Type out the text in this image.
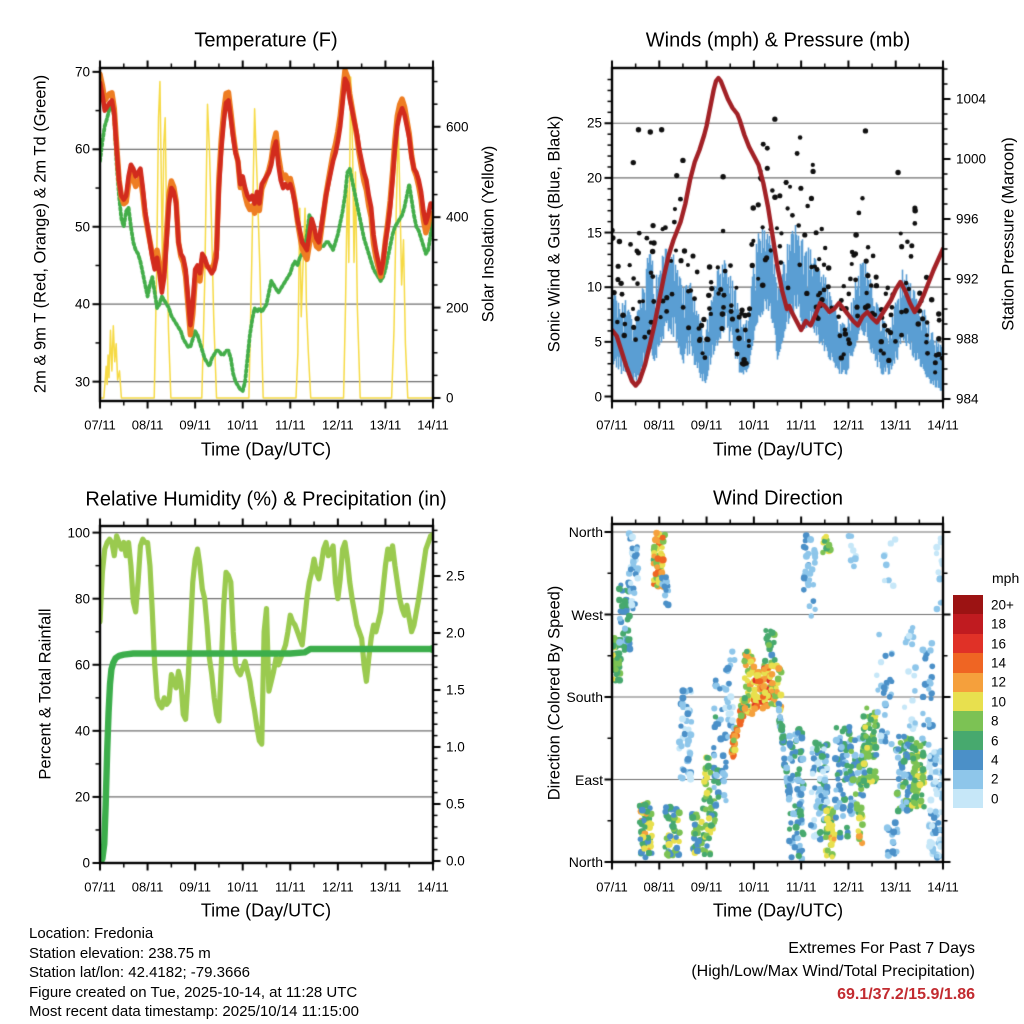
Temperature (F)	Winds (mph) & Pressure (mb)
Relative Humidity (%) & Precipitation (in)	Wind Direction
Time (Day/UTC)	Time (Day/UTC)
Time (Day/UTC)	Time (Day/UTC)
2m & 9m T (Red, Orange) & 2m Td (Green)	Solar Insolation (Yellow)	Sonic Wind & Gust (Blue, Black)	Station Pressure (Maroon)
Percent & Total Rainfall	Direction (Colored By Speed)	20+
18
16
14
12
10
8
6
4
2
0
mph
07/11 08/11 09/11 10/11 11/11 12/11 13/11 14/11	07/11 08/11 09/11 10/11 11/11 12/11 13/11 14/11
07/11 08/11 09/11 10/11 11/11 12/11 13/11 14/11	07/11 08/11 09/11 10/11 11/11 12/11 13/11 14/11
70
60
50
40
30
600
400
200
0
25
20
15
10
5
0
1004
1000
996
992
988
984
100
80
60
40
20
0
2.5
2.0
1.5
1.0
0.5
0.0
North
West
South
East
North
Location: Fredonia
Station elevation: 238.75 m
Station lat/lon: 42.4182; -79.3666
Figure created on Tue, 2025-10-14, at 11:28 UTC
Most recent data timestamp: 2025/10/14 11:15:00
Extremes For Past 7 Days
(High/Low/Max Wind/Total Precipitation)
69.1/37.2/15.9/1.86
